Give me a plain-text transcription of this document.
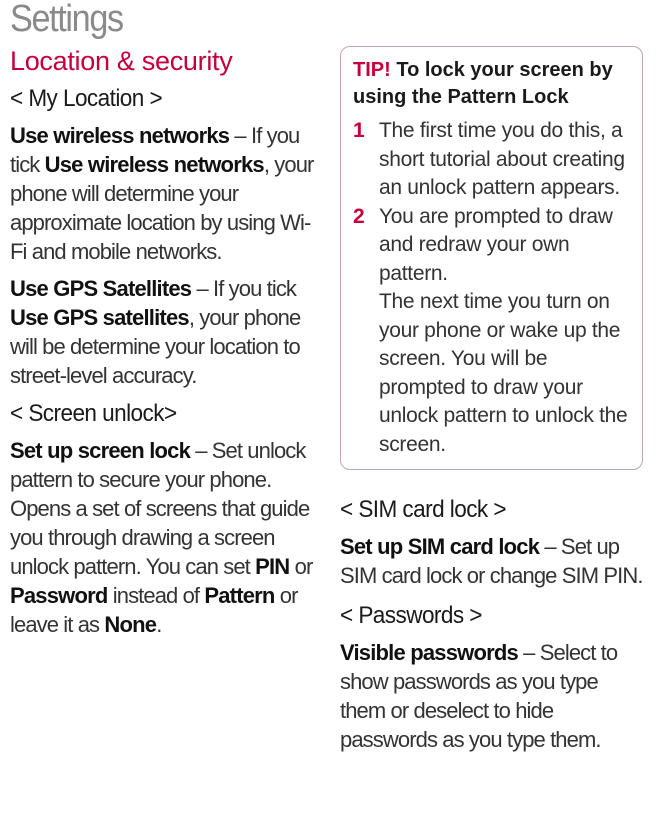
Settings
Location & security
< My Location >

Use wireless networks – If you tick Use wireless networks, your phone will determine your approximate location by using Wi-Fi and mobile networks.

Use GPS Satellites – If you tick Use GPS satellites, your phone will be determine your location to street-level accuracy.

< Screen unlock>

Set up screen lock – Set unlock pattern to secure your phone. Opens a set of screens that guide you through drawing a screen unlock pattern. You can set PIN or Password instead of Pattern or leave it as None.

TIP! To lock your screen by using the Pattern Lock
1 The first time you do this, a short tutorial about creating an unlock pattern appears.
2 You are prompted to draw and redraw your own pattern.
The next time you turn on your phone or wake up the screen. You will be prompted to draw your unlock pattern to unlock the screen.
< SIM card lock >

Set up SIM card lock – Set up SIM card lock or change SIM PIN.

< Passwords >

Visible passwords – Select to show passwords as you type them or deselect to hide passwords as you type them.
